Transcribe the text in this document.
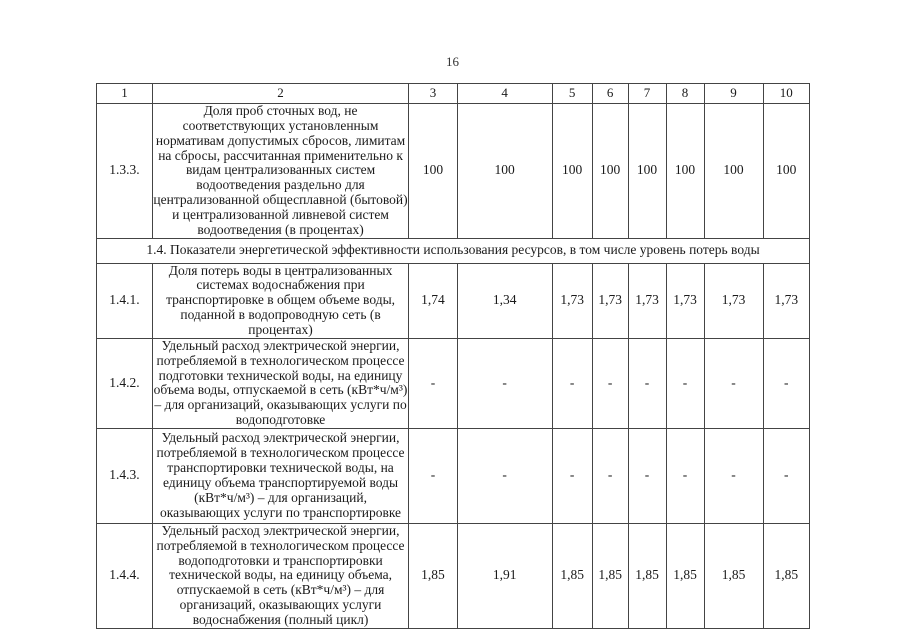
16
1	2	3	4	5	6	7	8	9	10
1.3.3.	Доля проб сточных вод, не соответствующих установленным нормативам допустимых сбросов, лимитам на сбросы, рассчитанная применительно к видам централизованных систем водоотведения раздельно для централизованной общесплавной (бытовой) и централизованной ливневой систем водоотведения (в процентах)	100	100	100	100	100	100	100	100
1.4. Показатели энергетической эффективности использования ресурсов, в том числе уровень потерь воды									
1.4.1.	Доля потерь воды в централизованных системах водоснабжения при транспортировке в общем объеме воды, поданной в водопроводную сеть (в процентах)	1,74	1,34	1,73	1,73	1,73	1,73	1,73	1,73
1.4.2.	Удельный расход электрической энергии, потребляемой в технологическом процессе подготовки технической воды, на единицу объема воды, отпускаемой в сеть (кВт*ч/м³) – для организаций, оказывающих услуги по водоподготовке	-	-	-	-	-	-	-	-
1.4.3.	Удельный расход электрической энергии, потребляемой в технологическом процессе транспортировки технической воды, на единицу объема транспортируемой воды (кВт*ч/м³) – для организаций, оказывающих услуги по транспортировке	-	-	-	-	-	-	-	-
1.4.4.	Удельный расход электрической энергии, потребляемой в технологическом процессе водоподготовки и транспортировки технической воды, на единицу объема, отпускаемой в сеть (кВт*ч/м³) – для организаций, оказывающих услуги водоснабжения (полный цикл)	1,85	1,91	1,85	1,85	1,85	1,85	1,85	1,85
